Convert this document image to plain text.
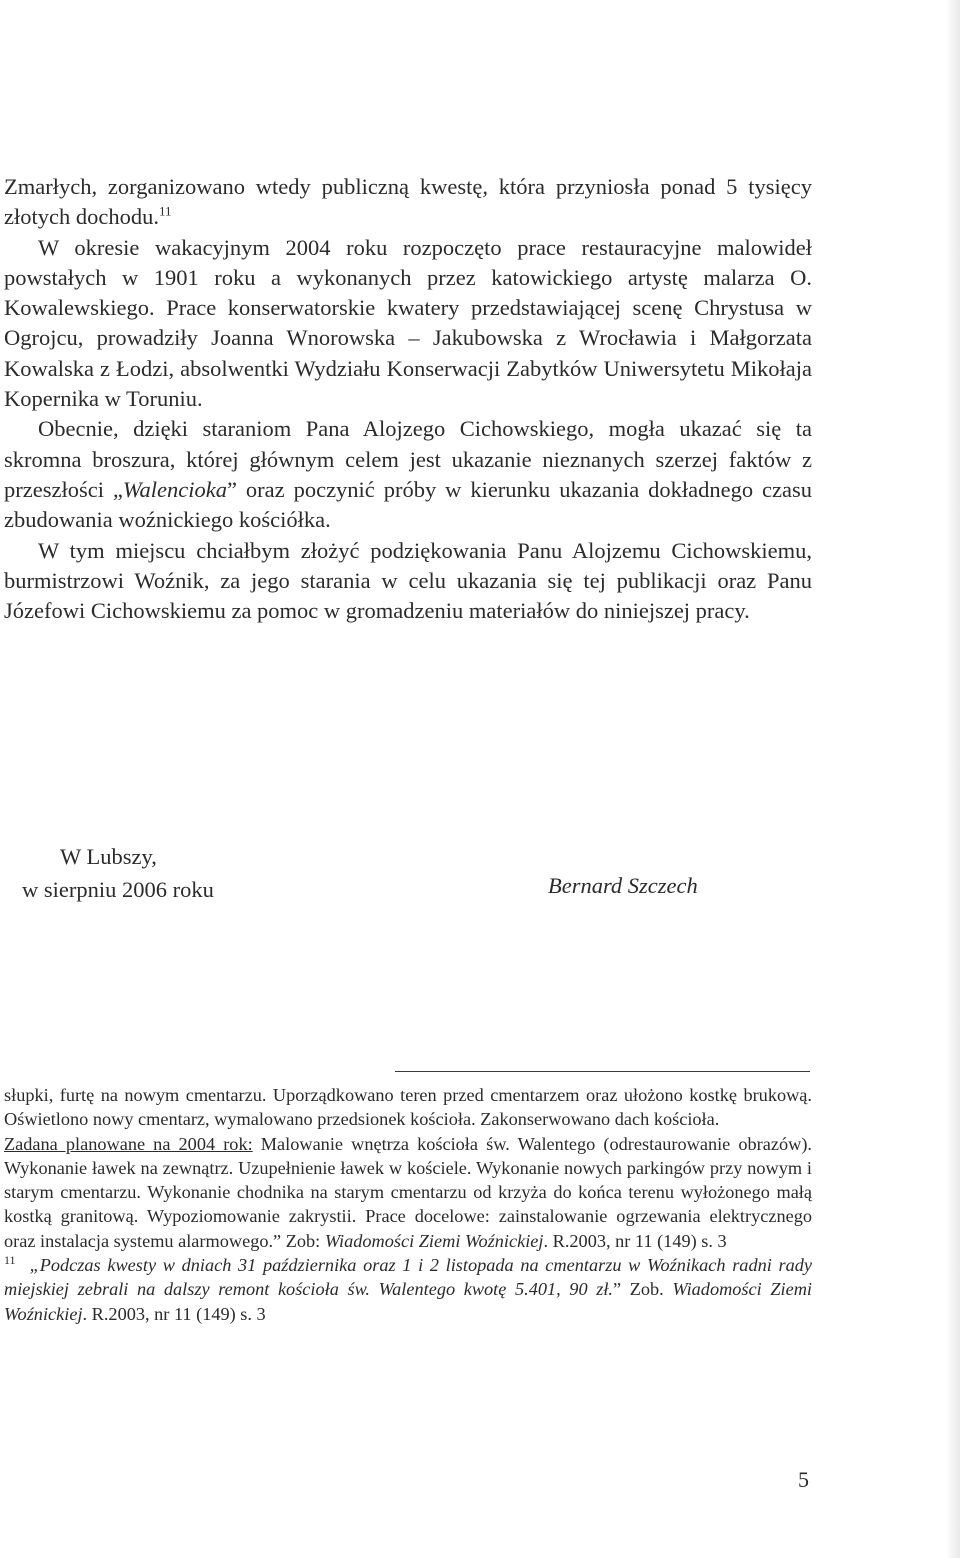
Zmarłych, zorganizowano wtedy publiczną kwestę, która przyniosła ponad 5 tysięcy złotych dochodu.$^{11}$

W okresie wakacyjnym 2004 roku rozpoczęto prace restauracyjne malowideł powstałych w 1901 roku a wykonanych przez katowickiego artystę malarza O. Kowalewskiego. Prace konserwatorskie kwatery przedstawiającej scenę Chrystusa w Ogrojcu, prowadziły Joanna Wnorowska – Jakubowska z Wrocławia i Małgorzata Kowalska z Łodzi, absolwentki Wydziału Konserwacji Zabytków Uniwersytetu Mikołaja Kopernika w Toruniu.

Obecnie, dzięki staraniom Pana Alojzego Cichowskiego, mogła ukazać się ta skromna broszura, której głównym celem jest ukazanie nieznanych szerzej faktów z przeszłości „Walencioka” oraz poczynić próby w kierunku ukazania dokładnego czasu zbudowania woźnickiego kościółka.

W tym miejscu chciałbym złożyć podziękowania Panu Alojzemu Cichowskiemu, burmistrzowi Woźnik, za jego starania w celu ukazania się tej publikacji oraz Panu Józefowi Cichowskiemu za pomoc w gromadzeniu materiałów do niniejszej pracy.

W Lubszy,
w sierpniu 2006 roku	Bernard Szczech

słupki, furtę na nowym cmentarzu. Uporządkowano teren przed cmentarzem oraz ułożono kostkę brukową. Oświetlono nowy cmentarz, wymalowano przedsionek kościoła. Zakonserwowano dach kościoła.
Zadana planowane na 2004 rok: Malowanie wnętrza kościoła św. Walentego (odrestaurowanie obrazów). Wykonanie ławek na zewnątrz. Uzupełnienie ławek w kościele. Wykonanie nowych parkingów przy nowym i starym cmentarzu. Wykonanie chodnika na starym cmentarzu od krzyża do końca terenu wyłożonego małą kostką granitową. Wypoziomowanie zakrystii. Prace docelowe: zainstalowanie ogrzewania elektrycznego oraz instalacja systemu alarmowego.” Zob: Wiadomości Ziemi Woźnickiej. R.2003, nr 11 (149) s. 3

$^{11}$ „Podczas kwesty w dniach 31 października oraz 1 i 2 listopada na cmentarzu w Woźnikach radni rady miejskiej zebrali na dalszy remont kościoła św. Walentego kwotę 5.401, 90 zł.” Zob. Wiadomości Ziemi Woźnickiej. R.2003, nr 11 (149) s. 3

5
